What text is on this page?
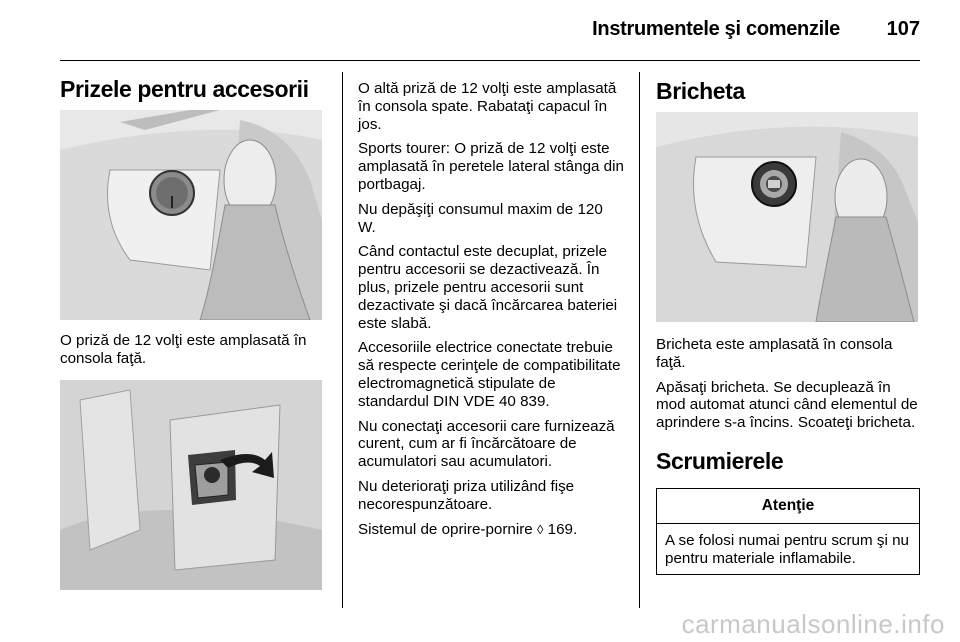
Instrumentele şi comenzile	107
Prizele pentru accesorii

O priză de 12 volţi este amplasată în consola faţă.

O altă priză de 12 volţi este amplasată în consola spate. Rabataţi capacul în jos.

Sports tourer: O priză de 12 volţi este amplasată în peretele lateral stânga din portbagaj.

Nu depăşiţi consumul maxim de 120 W.

Când contactul este decuplat, prizele pentru accesorii se dezactivează. În plus, prizele pentru accesorii sunt dezactivate şi dacă încărcarea bateriei este slabă.

Accesoriile electrice conectate trebuie să respecte cerinţele de compatibilitate electromagnetică stipulate de standardul DIN VDE 40 839.

Nu conectaţi accesorii care furnizează curent, cum ar fi încărcătoare de acumulatori sau acumulatori.

Nu deterioraţi priza utilizând fişe necorespunzătoare.

Sistemul de oprire-pornire ◊ 169.

Bricheta

Bricheta este amplasată în consola faţă.

Apăsaţi bricheta. Se decuplează în mod automat atunci când elementul de aprindere s-a încins. Scoateţi bricheta.

Scrumierele
Atenţie
A se folosi numai pentru scrum şi nu pentru materiale inflamabile.
carmanualsonline.info
